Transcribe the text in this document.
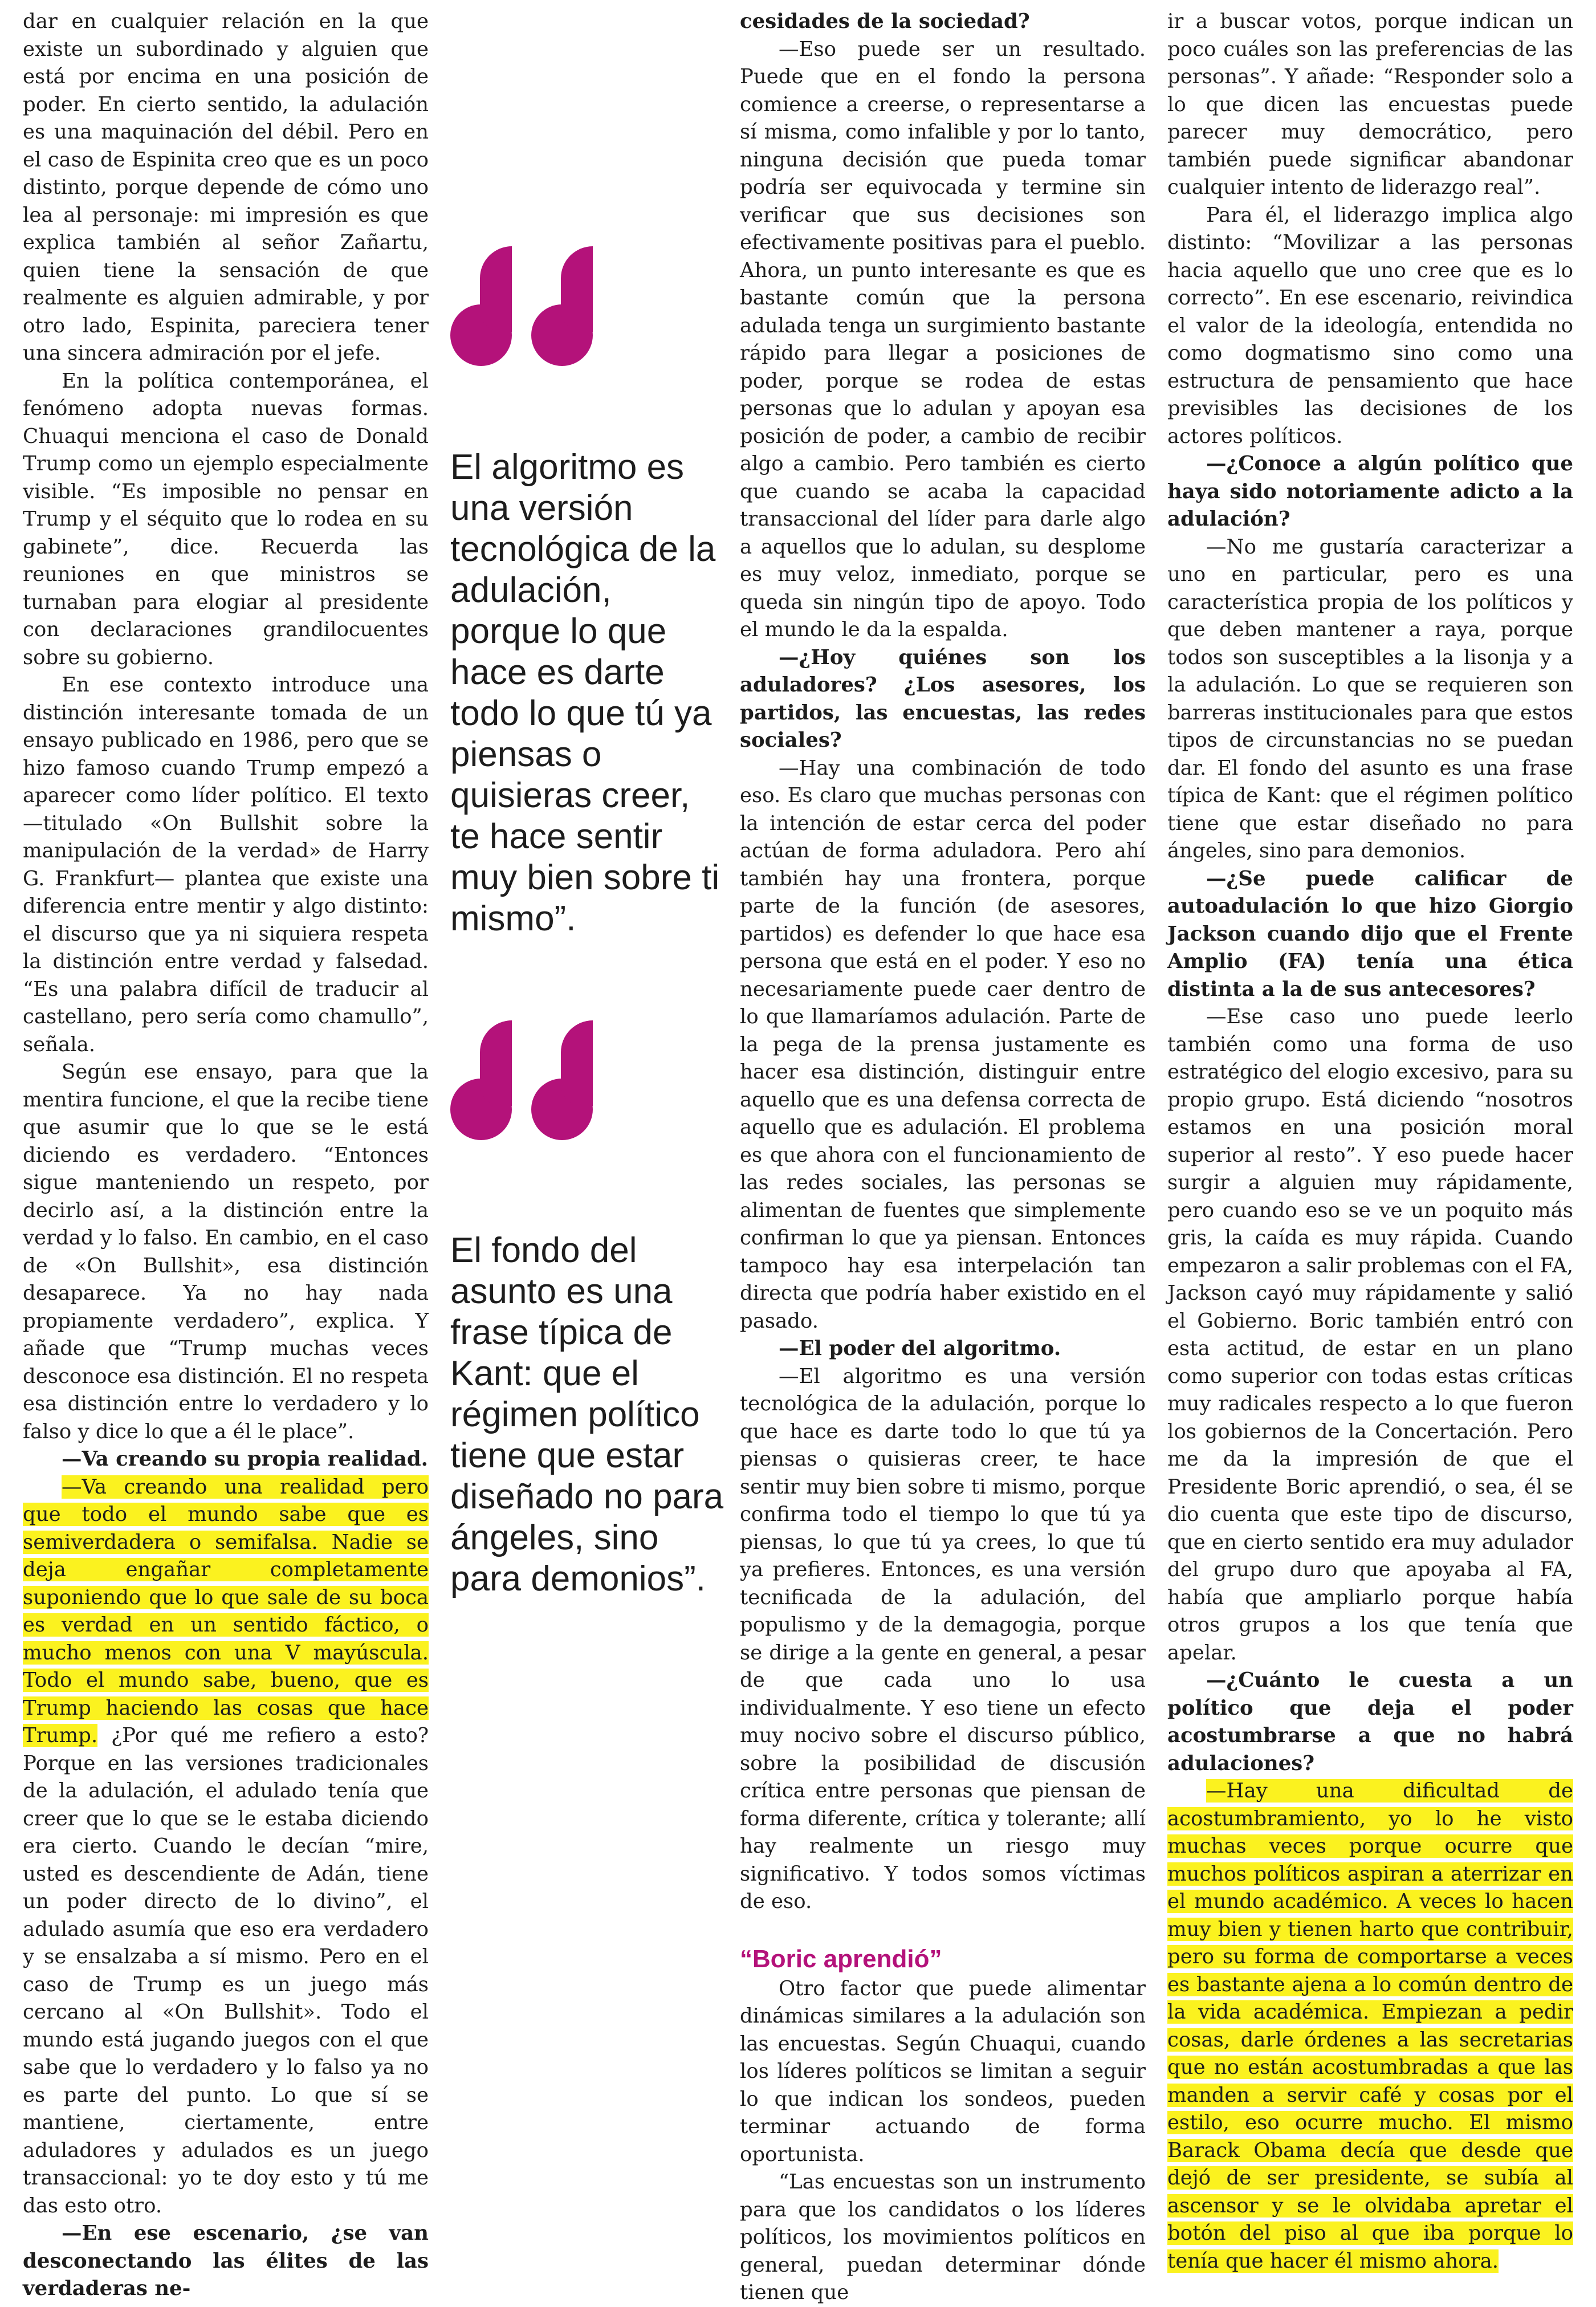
dar en cualquier relación en la que existe un subordinado y alguien que está por encima en una posición de poder. En cierto sentido, la adulación es una maquinación del débil. Pero en el caso de Espinita creo que es un poco distinto, porque depende de cómo uno lea al personaje: mi impresión es que explica también al señor Zañartu, quien tiene la sensación de que realmente es alguien admirable, y por otro lado, Espinita, pareciera tener una sincera admiración por el jefe.

En la política contemporánea, el fenómeno adopta nuevas formas. Chuaqui menciona el caso de Donald Trump como un ejemplo especialmente visible. “Es imposible no pensar en Trump y el séquito que lo rodea en su gabinete”, dice. Recuerda las reuniones en que ministros se turnaban para elogiar al presidente con declaraciones grandilocuentes sobre su gobierno.

En ese contexto introduce una distinción interesante tomada de un ensayo publicado en 1986, pero que se hizo famoso cuando Trump empezó a aparecer como líder político. El texto —titulado «On Bullshit sobre la manipulación de la verdad» de Harry G. Frankfurt— plantea que existe una diferencia entre mentir y algo distinto: el discurso que ya ni siquiera respeta la distinción entre verdad y falsedad. “Es una palabra difícil de traducir al castellano, pero sería como chamullo”, señala.

Según ese ensayo, para que la mentira funcione, el que la recibe tiene que asumir que lo que se le está diciendo es verdadero. “Entonces sigue manteniendo un respeto, por decirlo así, a la distinción entre la verdad y lo falso. En cambio, en el caso de «On Bullshit», esa distinción desaparece. Ya no hay nada propiamente verdadero”, explica. Y añade que “Trump muchas veces desconoce esa distinción. El no respeta esa distinción entre lo verdadero y lo falso y dice lo que a él le place”.

—Va creando su propia realidad.

—Va creando una realidad pero que todo el mundo sabe que es semiverdadera o semifalsa. Nadie se deja engañar completamente suponiendo que lo que sale de su boca es verdad en un sentido fáctico, o mucho menos con una V mayúscula. Todo el mundo sabe, bueno, que es Trump haciendo las cosas que hace Trump. ¿Por qué me refiero a esto? Porque en las versiones tradicionales de la adulación, el adulado tenía que creer que lo que se le estaba diciendo era cierto. Cuando le decían “mire, usted es descendiente de Adán, tiene un poder directo de lo divino”, el adulado asumía que eso era verdadero y se ensalzaba a sí mismo. Pero en el caso de Trump es un juego más cercano al «On Bullshit». Todo el mundo está jugando juegos con el que sabe que lo verdadero y lo falso ya no es parte del punto. Lo que sí se mantiene, ciertamente, entre aduladores y adulados es un juego transaccional: yo te doy esto y tú me das esto otro.

—En ese escenario, ¿se van desconectando las élites de las verdaderas ne-

El algoritmo es una versión tecnológica de la adulación, porque lo que hace es darte todo lo que tú ya piensas o quisieras creer, te hace sentir muy bien sobre ti mismo”.

El fondo del asunto es una frase típica de Kant: que el régimen político tiene que estar diseñado no para ángeles, sino para demonios”.

cesidades de la sociedad?

—Eso puede ser un resultado. Puede que en el fondo la persona comience a creerse, o representarse a sí misma, como infalible y por lo tanto, ninguna decisión que pueda tomar podría ser equivocada y termine sin verificar que sus decisiones son efectivamente positivas para el pueblo. Ahora, un punto interesante es que es bastante común que la persona adulada tenga un surgimiento bastante rápido para llegar a posiciones de poder, porque se rodea de estas personas que lo adulan y apoyan esa posición de poder, a cambio de recibir algo a cambio. Pero también es cierto que cuando se acaba la capacidad transaccional del líder para darle algo a aquellos que lo adulan, su desplome es muy veloz, inmediato, porque se queda sin ningún tipo de apoyo. Todo el mundo le da la espalda.

—¿Hoy quiénes son los aduladores? ¿Los asesores, los partidos, las encuestas, las redes sociales?

—Hay una combinación de todo eso. Es claro que muchas personas con la intención de estar cerca del poder actúan de forma aduladora. Pero ahí también hay una frontera, porque parte de la función (de asesores, partidos) es defender lo que hace esa persona que está en el poder. Y eso no necesariamente puede caer dentro de lo que llamaríamos adulación. Parte de la pega de la prensa justamente es hacer esa distinción, distinguir entre aquello que es una defensa correcta de aquello que es adulación. El problema es que ahora con el funcionamiento de las redes sociales, las personas se alimentan de fuentes que simplemente confirman lo que ya piensan. Entonces tampoco hay esa interpelación tan directa que podría haber existido en el pasado.

—El poder del algoritmo.

—El algoritmo es una versión tecnológica de la adulación, porque lo que hace es darte todo lo que tú ya piensas o quisieras creer, te hace sentir muy bien sobre ti mismo, porque confirma todo el tiempo lo que tú ya piensas, lo que tú ya crees, lo que tú ya prefieres. Entonces, es una versión tecnificada de la adulación, del populismo y de la demagogia, porque se dirige a la gente en general, a pesar de que cada uno lo usa individualmente. Y eso tiene un efecto muy nocivo sobre el discurso público, sobre la posibilidad de discusión crítica entre personas que piensan de forma diferente, crítica y tolerante; allí hay realmente un riesgo muy significativo. Y todos somos víctimas de eso.

“Boric aprendió”

Otro factor que puede alimentar dinámicas similares a la adulación son las encuestas. Según Chuaqui, cuando los líderes políticos se limitan a seguir lo que indican los sondeos, pueden terminar actuando de forma oportunista.

“Las encuestas son un instrumento para que los candidatos o los líderes políticos, los movimientos políticos en general, puedan determinar dónde tienen que

ir a buscar votos, porque indican un poco cuáles son las preferencias de las personas”. Y añade: “Responder solo a lo que dicen las encuestas puede parecer muy democrático, pero también puede significar abandonar cualquier intento de liderazgo real”.

Para él, el liderazgo implica algo distinto: “Movilizar a las personas hacia aquello que uno cree que es lo correcto”. En ese escenario, reivindica el valor de la ideología, entendida no como dogmatismo sino como una estructura de pensamiento que hace previsibles las decisiones de los actores políticos.

—¿Conoce a algún político que haya sido notoriamente adicto a la adulación?

—No me gustaría caracterizar a uno en particular, pero es una característica propia de los políticos y que deben mantener a raya, porque todos son susceptibles a la lisonja y a la adulación. Lo que se requieren son barreras institucionales para que estos tipos de circunstancias no se puedan dar. El fondo del asunto es una frase típica de Kant: que el régimen político tiene que estar diseñado no para ángeles, sino para demonios.

—¿Se puede calificar de autoadulación lo que hizo Giorgio Jackson cuando dijo que el Frente Amplio (FA) tenía una ética distinta a la de sus antecesores?

—Ese caso uno puede leerlo también como una forma de uso estratégico del elogio excesivo, para su propio grupo. Está diciendo “nosotros estamos en una posición moral superior al resto”. Y eso puede hacer surgir a alguien muy rápidamente, pero cuando eso se ve un poquito más gris, la caída es muy rápida. Cuando empezaron a salir problemas con el FA, Jackson cayó muy rápidamente y salió el Gobierno. Boric también entró con esta actitud, de estar en un plano como superior con todas estas críticas muy radicales respecto a lo que fueron los gobiernos de la Concertación. Pero me da la impresión de que el Presidente Boric aprendió, o sea, él se dio cuenta que este tipo de discurso, que en cierto sentido era muy adulador del grupo duro que apoyaba al FA, había que ampliarlo porque había otros grupos a los que tenía que apelar.

—¿Cuánto le cuesta a un político que deja el poder acostumbrarse a que no habrá adulaciones?

—Hay una dificultad de acostumbramiento, yo lo he visto muchas veces porque ocurre que muchos políticos aspiran a aterrizar en el mundo académico. A veces lo hacen muy bien y tienen harto que contribuir, pero su forma de comportarse a veces es bastante ajena a lo común dentro de la vida académica. Empiezan a pedir cosas, darle órdenes a las secretarias que no están acostumbradas a que las manden a servir café y cosas por el estilo, eso ocurre mucho. El mismo Barack Obama decía que desde que dejó de ser presidente, se subía al ascensor y se le olvidaba apretar el botón del piso al que iba porque lo tenía que hacer él mismo ahora.
